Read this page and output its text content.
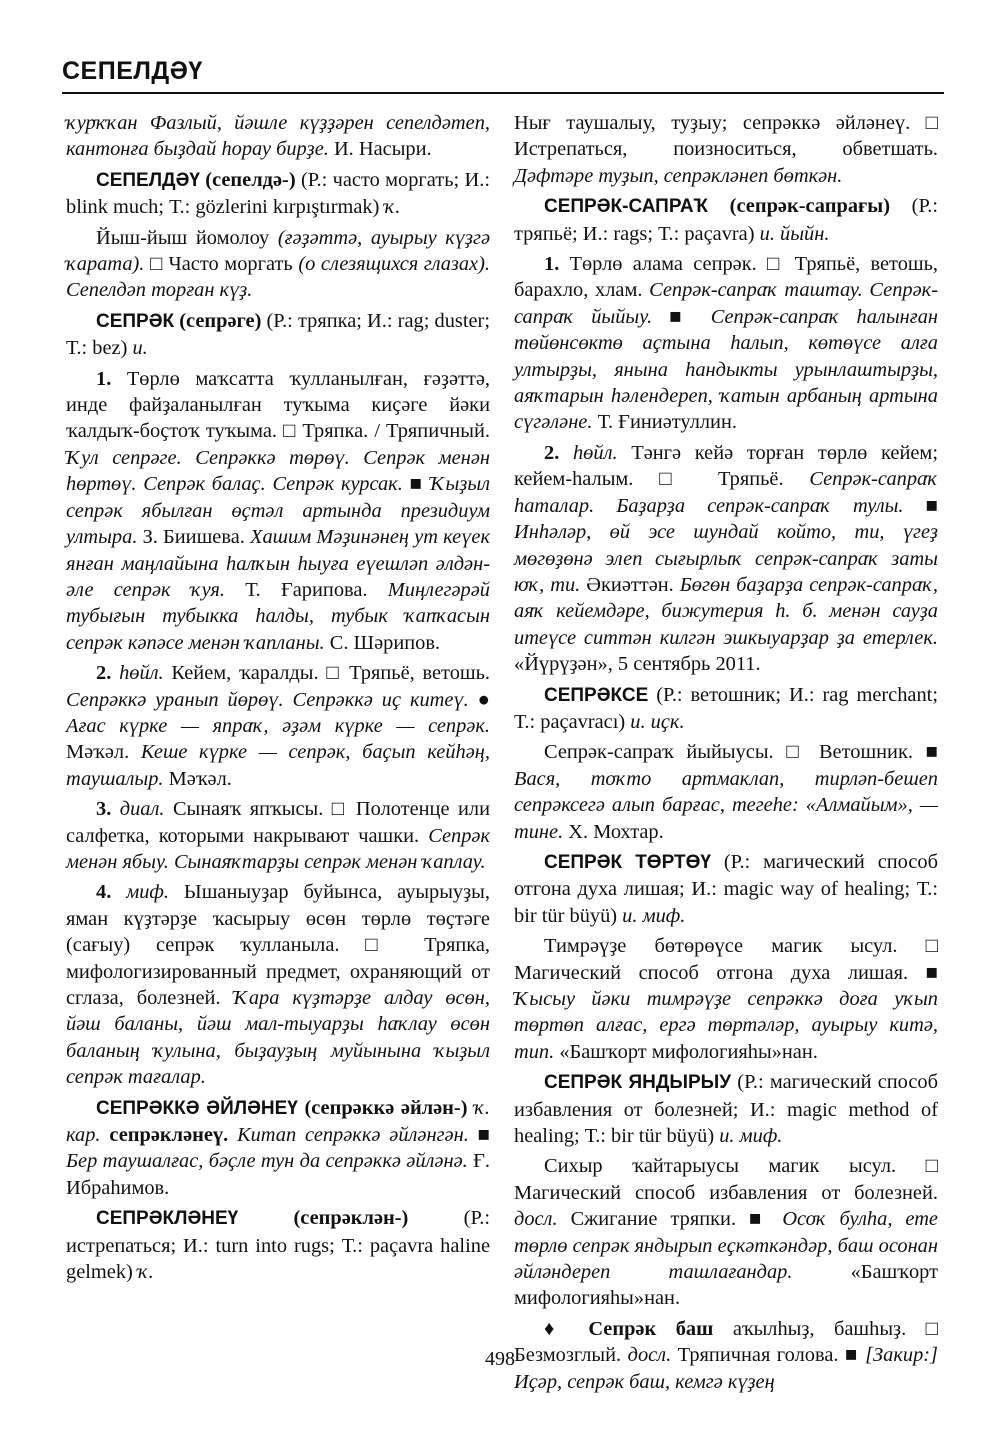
СЕПЕЛДӘҮ

ҡурҡҡан Фазлый, йәшле күҙҙәрен сепелдәтеп, кантонға быҙдай һорау бирҙе. И. Насыри.

СЕПЕЛДӘҮ (сепелдә-) (Р.: часто моргать; И.: blink much; Т.: gözlerini kırpıştırmak) ҡ.

Йыш-йыш йомолоу (ғәҙәттә, ауырыу күҙгә ҡарата). □ Часто моргать (о слезящихся глазах). Сепелдәп торған күҙ.

СЕПРӘК (сепрәге) (Р.: тряпка; И.: rag; duster; Т.: bez) и.

1. Төрлө маҡсатта ҡулланылған, ғәҙәттә, инде файҙаланылған туҡыма киҫәге йәки ҡалдыҡ-боҫтоҡ туҡыма. □ Тряпка. / Тряпичный. Ҡул сепрәге. Сепрәккә төрөү. Сепрәк менән һөртөү. Сепрәк балаҫ. Сепрәк курсак. ■ Ҡыҙыл сепрәк ябылған өҫтәл артында президиум ултыра. З. Биишева. Хашим Мәҙинәнең ут кеүек янған маңлайына һалҡын һыуға еүешләп әлдән-әле сепрәк ҡуя. Т. Ғарипова. Миңлегәрәй тубығын тубыкка һалды, тубык ҡапҡасын сепрәк кәпәсе менән ҡапланы. С. Шәрипов.

2. һөйл. Кейем, ҡаралды. □ Тряпьё, ветошь. Сепрәккә уранып йөрөү. Сепрәккә иҫ китеү. ● Ағас күрке — япраҡ, әҙәм күрке — сепрәк. Мәҡәл. Кеше күрке — сепрәк, баҫып кейһәң, таушалыр. Мәҡәл.

3. диал. Сынаяҡ япҡысы. □ Полотенце или салфетка, которыми накрывают чашки. Сепрәк менән ябыу. Сынаяҡтарҙы сепрәк менән ҡаплау.

4. миф. Ышаныуҙар буйынса, ауырыуҙы, яман күҙтәрҙе ҡасырыу өсөн төрлө төҫтәге (сағыу) сепрәк ҡулланыла. □ Тряпка, мифологизированный предмет, охраняющий от сглаза, болезней. Ҡара күҙтәрҙе алдау өсөн, йәш баланы, йәш мал-тыуарҙы һаҡлау өсөн баланың ҡулына, быҙауҙың муйынына ҡыҙыл сепрәк тағалар.

СЕПРӘККӘ ӘЙЛӘНЕҮ (сепрәккә әйлән-) ҡ. кар. сепрәкләнеү. Китап сепрәккә әйләнгән. ■ Бер таушалғас, бәҫле тун да сепрәккә әйләнә. Ғ. Ибраһимов.

СЕПРӘКЛӘНЕҮ (сепрәклән-) (Р.: истрепаться; И.: turn into rugs; Т.: paçavra haline gelmek) ҡ.

Нығ таушалыу, туҙыу; сепрәккә әйләнеү. □ Истрепаться, поизноситься, обветшать. Дәфтәре туҙып, сепрәкләнеп бөткән.

СЕПРӘК-САПРАҠ (сепрәк-сапрағы) (Р.: тряпьё; И.: rags; Т.: paçavra) и. йыйн.

1. Төрлө алама сепрәк. □ Тряпьё, ветошь, барахло, хлам. Сепрәк-сапраҡ таштау. Сепрәк-сапраҡ йыйыу. ■ Сепрәк-сапраҡ һалынған төйөнсөктө аҫтына һалып, көтөүсе алға ултырҙы, янына һандыкты урынлаштырҙы, аяҡтарын һәлендереп, ҡатын арбаның артына сүгәләне. Т. Ғиниәтуллин.

2. һөйл. Тәнгә кейә торған төрлө кейем; кейем-һалым. □ Тряпьё. Сепрәк-сапраҡ һаталар. Баҙарҙа сепрәк-сапраҡ тулы. ■ Инһәләр, өй эсе шундай който, ти, үгеҙ мөгөҙөнә элеп сығырлыҡ сепрәк-сапраҡ заты юҡ, ти. Әкиәттән. Бөгөн баҙарҙа сепрәк-сапраҡ, аяҡ кейемдәре, бижутерия һ. б. менән сауҙа итеүсе ситтән килгән эшкыуарҙар ҙа етерлек. «Йүрүҙән», 5 сентябрь 2011.

СЕПРӘКСЕ (Р.: ветошник; И.: rag merchant; Т.: paçavracı) и. иҫк.

Сепрәк-сапраҡ йыйыусы. □ Ветошник. ■ Вася, тоҡто артмаклап, тирләп-бешеп сепрәксегә алып барғас, тегеһе: «Алмайым», — тине. Х. Мохтар.

СЕПРӘК ТӨРТӨҮ (Р.: магический способ отгона духа лишая; И.: magic way of healing; Т.: bir tür büyü) и. миф.

Тимрәүҙе бөтөрөүсе магик ысул. □ Магический способ отгона духа лишая. ■ Ҡысыу йәки тимрәүҙе сепрәккә доға уҡып төртөп алғас, ергә төртәләр, ауырыу китә, тип. «Башҡорт мифологияһы»нан.

СЕПРӘК ЯНДЫРЫУ (Р.: магический способ избавления от болезней; И.: magic method of healing; Т.: bir tür büyü) и. миф.

Сихыр ҡайтарыусы магик ысул. □ Магический способ избавления от болезней. досл. Сжигание тряпки. ■ Осоҡ булһа, ете төрлө сепрәк яндырып еҫкәткәндәр, баш осонан әйләндереп ташлағандар. «Башҡорт мифологияһы»нан.

♦ Сепрәк баш аҡылһыҙ, башһыҙ. □ Безмозглый. досл. Тряпичная голова. ■ [Закир:] Иҫәр, сепрәк баш, кемгә күҙең

498
